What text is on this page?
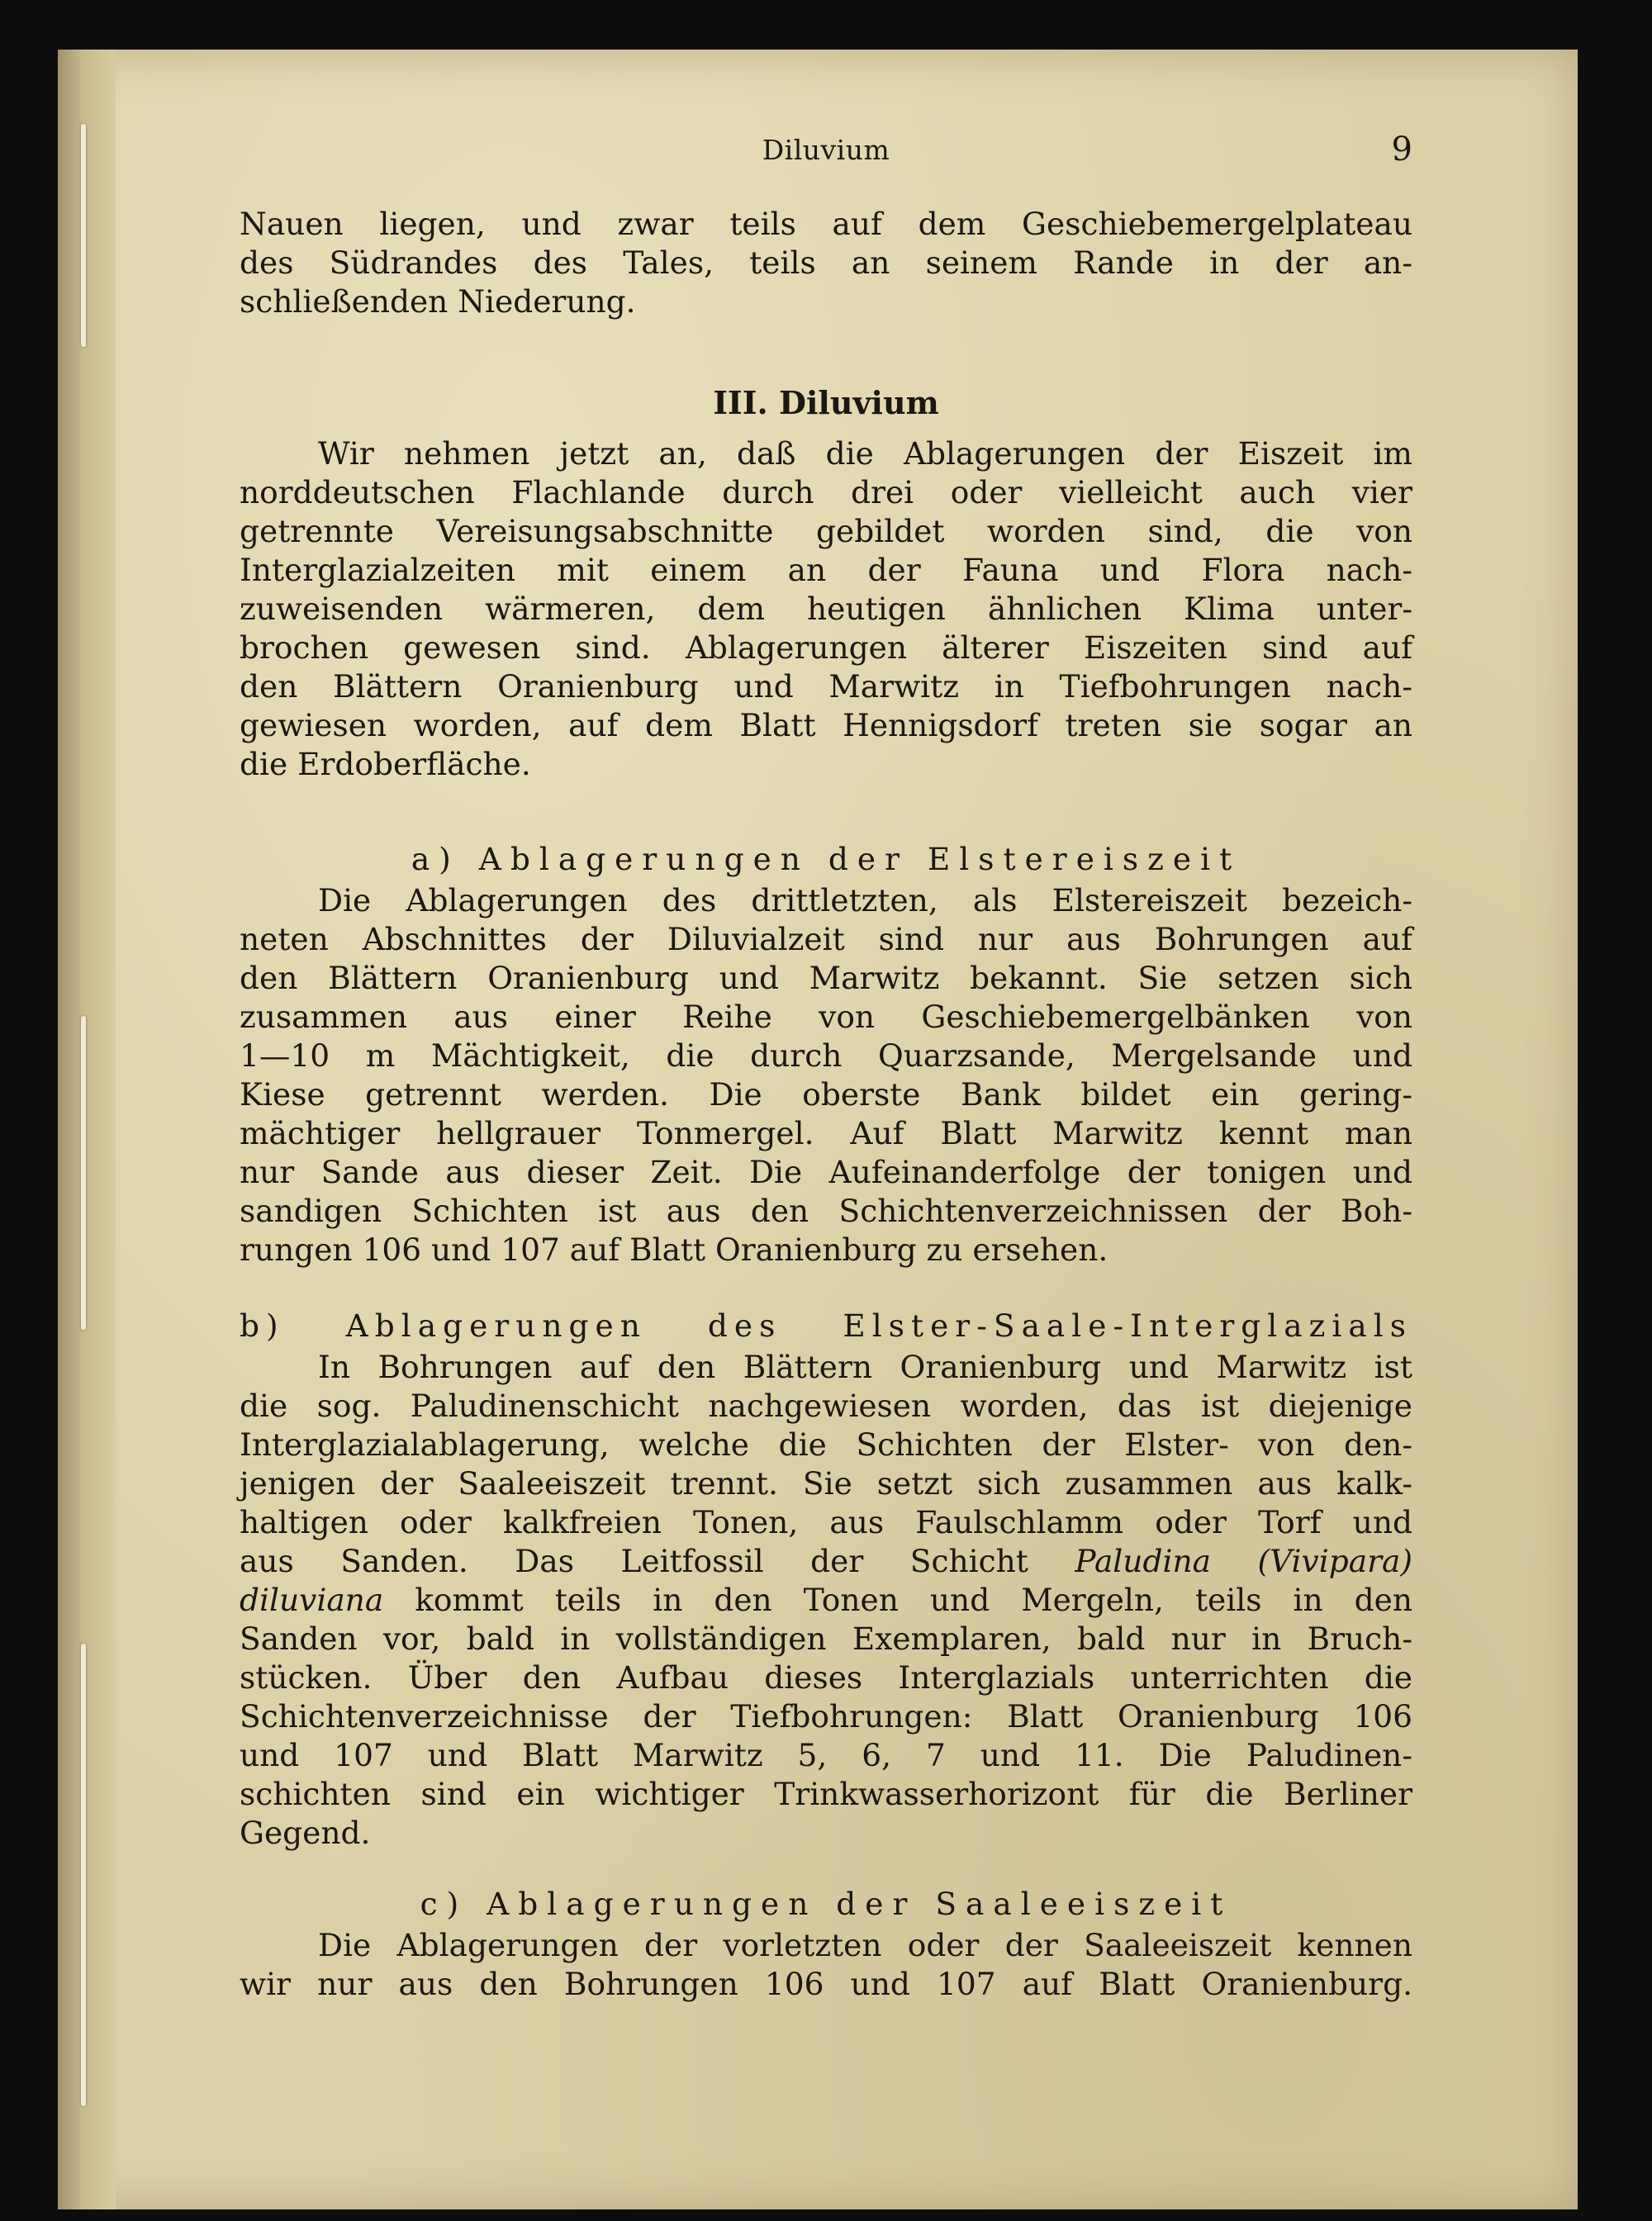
Diluvium	9
Nauen liegen, und zwar teils auf dem Geschiebemergelplateau
des Südrandes des Tales, teils an seinem Rande in der an-
schließenden Niederung.
III. Diluvium
Wir nehmen jetzt an, daß die Ablagerungen der Eiszeit im
norddeutschen Flachlande durch drei oder vielleicht auch vier
getrennte Vereisungsabschnitte gebildet worden sind, die von
Interglazialzeiten mit einem an der Fauna und Flora nach-
zuweisenden wärmeren, dem heutigen ähnlichen Klima unter-
brochen gewesen sind. Ablagerungen älterer Eiszeiten sind auf
den Blättern Oranienburg und Marwitz in Tiefbohrungen nach-
gewiesen worden, auf dem Blatt Hennigsdorf treten sie sogar an
die Erdoberfläche.
a) Ablagerungen der Elstereiszeit
Die Ablagerungen des drittletzten, als Elstereiszeit bezeich-
neten Abschnittes der Diluvialzeit sind nur aus Bohrungen auf
den Blättern Oranienburg und Marwitz bekannt. Sie setzen sich
zusammen aus einer Reihe von Geschiebemergelbänken von
1—10 m Mächtigkeit, die durch Quarzsande, Mergelsande und
Kiese getrennt werden. Die oberste Bank bildet ein gering-
mächtiger hellgrauer Tonmergel. Auf Blatt Marwitz kennt man
nur Sande aus dieser Zeit. Die Aufeinanderfolge der tonigen und
sandigen Schichten ist aus den Schichtenverzeichnissen der Boh-
rungen 106 und 107 auf Blatt Oranienburg zu ersehen.
b) Ablagerungen des Elster-Saale-Interglazials
In Bohrungen auf den Blättern Oranienburg und Marwitz ist
die sog. Paludinenschicht nachgewiesen worden, das ist diejenige
Interglazialablagerung, welche die Schichten der Elster- von den-
jenigen der Saaleeiszeit trennt. Sie setzt sich zusammen aus kalk-
haltigen oder kalkfreien Tonen, aus Faulschlamm oder Torf und
aus Sanden. Das Leitfossil der Schicht Paludina (Vivipara)
diluviana kommt teils in den Tonen und Mergeln, teils in den
Sanden vor, bald in vollständigen Exemplaren, bald nur in Bruch-
stücken. Über den Aufbau dieses Interglazials unterrichten die
Schichtenverzeichnisse der Tiefbohrungen: Blatt Oranienburg 106
und 107 und Blatt Marwitz 5, 6, 7 und 11. Die Paludinen-
schichten sind ein wichtiger Trinkwasserhorizont für die Berliner
Gegend.
c) Ablagerungen der Saaleeiszeit
Die Ablagerungen der vorletzten oder der Saaleeiszeit kennen
wir nur aus den Bohrungen 106 und 107 auf Blatt Oranienburg.
